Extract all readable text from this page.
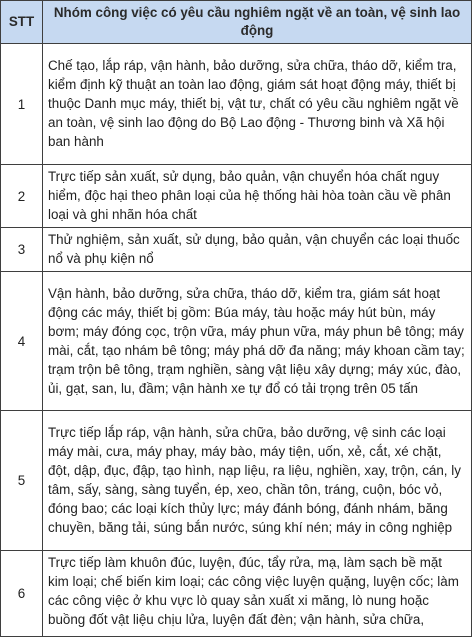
STT	Nhóm công việc có yêu cầu nghiêm ngặt về an toàn, vệ sinh lao động
1	Chế tạo, lắp ráp, vận hành, bảo dưỡng, sửa chữa, tháo dỡ, kiểm tra, kiểm định kỹ thuật an toàn lao động, giám sát hoạt động máy, thiết bị thuộc Danh mục máy, thiết bị, vật tư, chất có yêu cầu nghiêm ngặt về an toàn, vệ sinh lao động do Bộ Lao động - Thương binh và Xã hội ban hành
2	Trực tiếp sản xuất, sử dụng, bảo quản, vận chuyển hóa chất nguy hiểm, độc hại theo phân loại của hệ thống hài hòa toàn cầu về phân loại và ghi nhãn hóa chất
3	Thử nghiệm, sản xuất, sử dụng, bảo quản, vận chuyển các loại thuốc nổ và phụ kiện nổ
4	Vận hành, bảo dưỡng, sửa chữa, tháo dỡ, kiểm tra, giám sát hoạt động các máy, thiết bị gồm: Búa máy, tàu hoặc máy hút bùn, máy bơm; máy đóng cọc, trộn vữa, máy phun vữa, máy phun bê tông; máy mài, cắt, tạo nhám bê tông; máy phá dỡ đa năng; máy khoan cầm tay; trạm trộn bê tông, trạm nghiền, sàng vật liệu xây dựng; máy xúc, đào, ủi, gạt, san, lu, đầm; vận hành xe tự đổ có tải trọng trên 05 tấn
5	Trực tiếp lắp ráp, vận hành, sửa chữa, bảo dưỡng, vệ sinh các loại máy mài, cưa, máy phay, máy bào, máy tiện, uốn, xẻ, cắt, xé chặt, đột, dập, đục, đập, tạo hình, nạp liệu, ra liệu, nghiền, xay, trộn, cán, ly tâm, sấy, sàng, sàng tuyển, ép, xeo, chần tôn, tráng, cuộn, bóc vỏ, đóng bao; các loại kích thủy lực; máy đánh bóng, đánh nhám, băng chuyền, băng tải, súng bắn nước, súng khí nén; máy in công nghiệp
6	Trực tiếp làm khuôn đúc, luyện, đúc, tẩy rửa, mạ, làm sạch bề mặt kim loại; chế biến kim loại; các công việc luyện quặng, luyện cốc; làm các công việc ở khu vực lò quay sản xuất xi măng, lò nung hoặc buồng đốt vật liệu chịu lửa, luyện đất đèn; vận hành, sửa chữa,
